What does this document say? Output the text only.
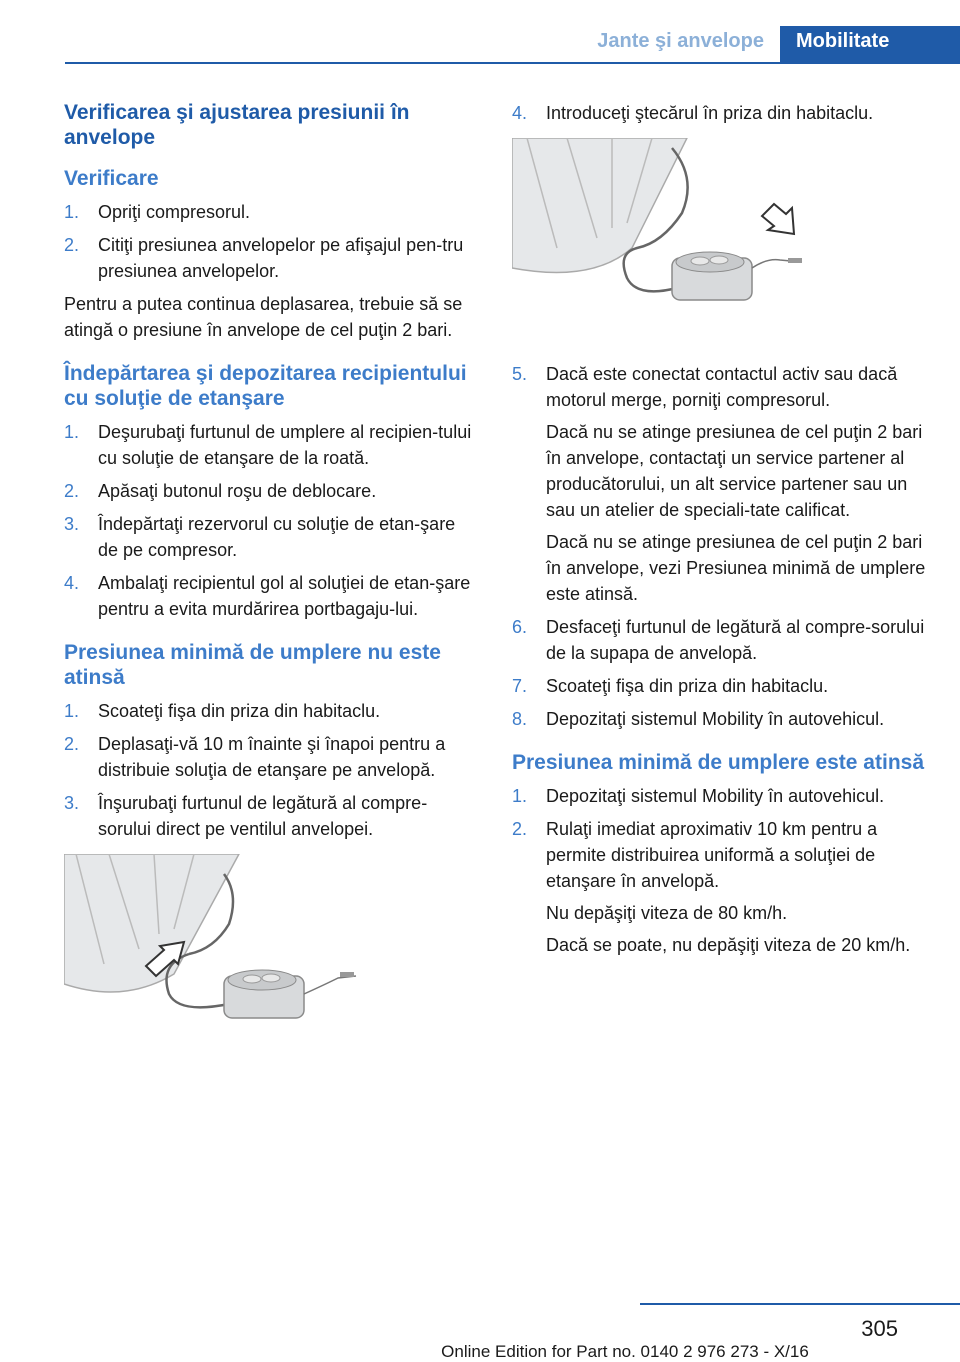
Jante şi anvelope	Mobilitate
Verificarea şi ajustarea presiunii în anvelope
Verificare
1.	Opriţi compresorul.
2.	Citiţi presiunea anvelopelor pe afişajul pen‐tru presiunea anvelopelor.

Pentru a putea continua deplasarea, trebuie să se atingă o presiune în anvelope de cel puţin 2 bari.

Îndepărtarea şi depozitarea recipientului cu soluţie de etanşare
1.	Deşurubaţi furtunul de umplere al recipien‐tului cu soluţie de etanşare de la roată.
2.	Apăsaţi butonul roşu de deblocare.
3.	Îndepărtaţi rezervorul cu soluţie de etan‐şare de pe compresor.
4.	Ambalaţi recipientul gol al soluţiei de etan‐şare pentru a evita murdărirea portbagaju‐lui.
Presiunea minimă de umplere nu este atinsă
1.	Scoateţi fişa din priza din habitaclu.
2.	Deplasaţi-vă 10 m înainte şi înapoi pentru a distribuie soluţia de etanşare pe anvelopă.
3.	Înşurubaţi furtunul de legătură al compre‐sorului direct pe ventilul anvelopei.
4.	Introduceţi ştecărul în priza din habitaclu.
5.	Dacă este conectat contactul activ sau dacă motorul merge, porniţi compresorul.
Dacă nu se atinge presiunea de cel puţin 2 bari în anvelope, contactaţi un service partener al producătorului, un alt service partener sau un sau un atelier de speciali‐tate calificat.
Dacă nu se atinge presiunea de cel puţin 2 bari în anvelope, vezi Presiunea minimă de umplere este atinsă.
6.	Desfaceţi furtunul de legătură al compre‐sorului de la supapa de anvelopă.
7.	Scoateţi fişa din priza din habitaclu.
8.	Depozitaţi sistemul Mobility în autovehicul.
Presiunea minimă de umplere este atinsă
1.	Depozitaţi sistemul Mobility în autovehicul.
2.	Rulaţi imediat aproximativ 10 km pentru a permite distribuirea uniformă a soluţiei de etanşare în anvelopă.
Nu depăşiţi viteza de 80 km/h.
Dacă se poate, nu depăşiţi viteza de 20 km/h.
305
Online Edition for Part no. 0140 2 976 273 - X/16
